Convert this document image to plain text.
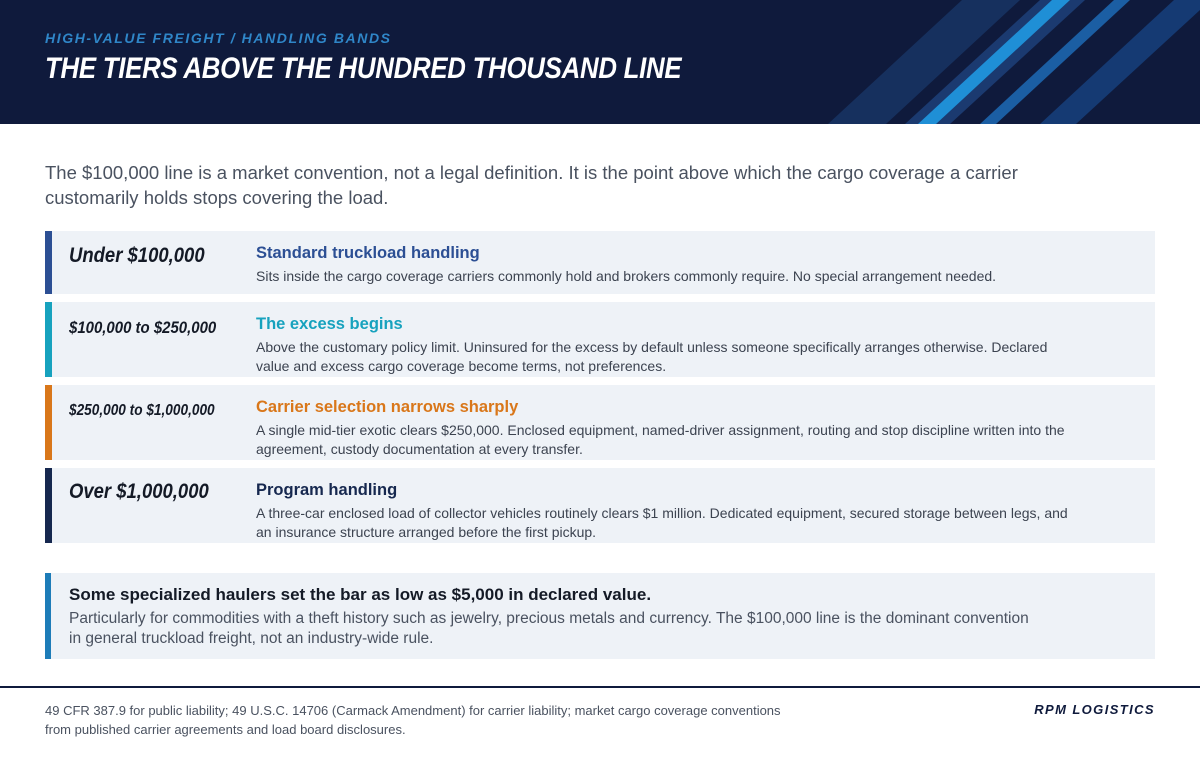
HIGH-VALUE FREIGHT / HANDLING BANDS
THE TIERS ABOVE THE HUNDRED THOUSAND LINE

The $100,000 line is a market convention, not a legal definition. It is the point above which the cargo coverage a carrier customarily holds stops covering the load.

Under $100,000	Standard truckload handling
Sits inside the cargo coverage carriers commonly hold and brokers commonly require. No special arrangement needed.
$100,000 to $250,000 The excess begins
Above the customary policy limit. Uninsured for the excess by default unless someone specifically arranges otherwise. Declared value and excess cargo coverage become terms, not preferences.
$250,000 to $1,000,000	Carrier selection narrows sharply
A single mid-tier exotic clears $250,000. Enclosed equipment, named-driver assignment, routing and stop discipline written into the agreement, custody documentation at every transfer.
Over $1,000,000	Program handling
A three-car enclosed load of collector vehicles routinely clears $1 million. Dedicated equipment, secured storage between legs, and an insurance structure arranged before the first pickup.
Some specialized haulers set the bar as low as $5,000 in declared value.
Particularly for commodities with a theft history such as jewelry, precious metals and currency. The $100,000 line is the dominant convention in general truckload freight, not an industry-wide rule.
49 CFR 387.9 for public liability; 49 U.S.C. 14706 (Carmack Amendment) for carrier liability; market cargo coverage conventions from published carrier agreements and load board disclosures.
RPM LOGISTICS
